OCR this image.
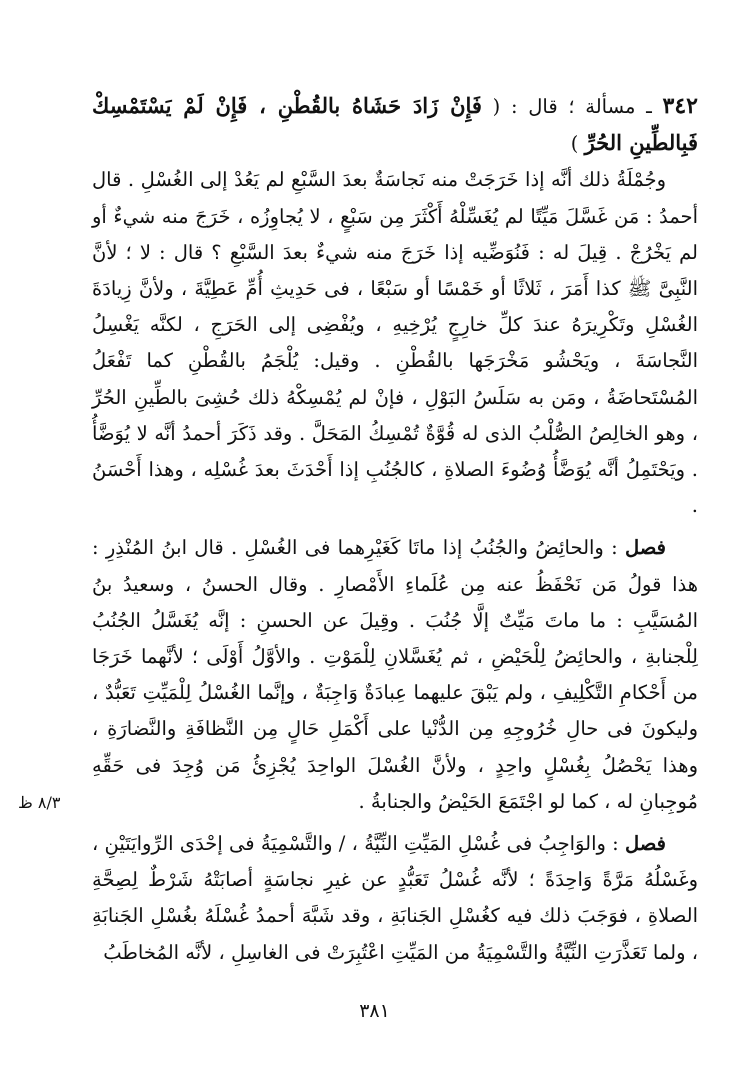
٣٤٢ ـ مسألة ؛ قال : ( فَإِنْ زَادَ حَشَاهُ بالقُطْنِ ، فَإِنْ لَمْ يَسْتَمْسِكْ فَبِالطِّينِ الحُرِّ )

وجُمْلَةُ ذلك أنَّه إذا خَرَجَتْ منه نَجاسَةٌ بعدَ السَّبْعِ لم يَعُدْ إلى الغُسْلِ . قال أحمدُ : مَن غَسَّلَ مَيِّتًا لم يُغَسِّلْهُ أَكْثَرَ مِن سَبْعٍ ، لا يُجاوِزُه ، خَرَجَ منه شيءٌ أو لم يَخْرُجْ . قِيلَ له : فَنُوَضِّيه إذا خَرَجَ منه شيءٌ بعدَ السَّبْعِ ؟ قال : لا ؛ لأنَّ النَّبِىَّ ﷺ كذا أَمَرَ ، ثَلاثًا أو خَمْسًا أو سَبْعًا ، فى حَدِيثِ أُمِّ عَطِيَّةَ ، ولأنَّ زِيادَةَ الغُسْلِ وتَكْرِيرَهُ عندَ كلِّ خارِجٍ يُرْخِيهِ ، ويُفْضِى إلى الحَرَجِ ، لكنَّه يَغْسِلُ النَّجاسَةَ ، ويَحْشُو مَخْرَجَها بالقُطْنِ . وقيل: يُلْجَمُ بالقُطْنِ كما تَفْعَلُ المُسْتَحاضَةُ ، ومَن به سَلَسُ البَوْلِ ، فإنْ لم يُمْسِكْهُ ذلك حُشِىَ بالطِّينِ الحُرِّ ، وهو الخالِصُ الصُّلْبُ الذى له قُوَّةٌ تُمْسِكُ المَحَلَّ . وقد ذَكَرَ أحمدُ أنَّه لا يُوَضَّأُ . ويَحْتَمِلُ أنَّه يُوَضَّأُ وُضُوءَ الصلاةِ ، كالجُنُبِ إذا أَحْدَثَ بعدَ غُسْلِه ، وهذا أَحْسَنُ .

فصل : والحائِضُ والجُنُبُ إذا ماتَا كَغَيْرِهما فى الغُسْلِ . قال ابنُ المُنْذِرِ : هذا قولُ مَن نَحْفَظُ عنه مِن عُلَماءِ الأَمْصارِ . وقال الحسنُ ، وسعيدُ بنُ المُسَيَّبِ : ما ماتَ مَيِّتٌ إلَّا جُنُبَ . وقِيلَ عن الحسنِ : إنَّه يُغَسَّلُ الجُنُبُ لِلْجنابةِ ، والحائِضُ لِلْحَيْضِ ، ثم يُغَسَّلانِ لِلْمَوْتِ . والأوَّلُ أَوْلَى ؛ لأنَّهما خَرَجَا من أَحْكامِ التَّكْلِيفِ ، ولم يَبْقَ عليهما عِبادَةٌ وَاجِبَةٌ ، وإنَّما الغُسْلُ لِلْمَيِّتِ تَعَبُّدٌ ، وليكونَ فى حالِ خُرُوجِهِ مِن الدُّنْيا على أَكْمَلِ حَالٍ مِن النَّظافَةِ والنَّضارَةِ ، وهذا يَحْصُلُ بِغُسْلٍ واحِدٍ ، ولأنَّ الغُسْلَ الواحِدَ يُجْزِئُ مَن وُجِدَ فى حَقِّهِ مُوجِبانِ له ، كما لو اجْتَمَعَ الحَيْضُ والجنابةُ .

فصل : والوَاجِبُ فى غُسْلِ المَيِّتِ النِّيَّةُ ، / والتَّسْمِيَةُ فى إحْدَى الرِّوايَتَيْنِ ، وغَسْلُهُ مَرَّةً وَاحِدَةً ؛ لأنَّه غُسْلُ تَعَبُّدٍ عن غيرِ نجاسَةٍ أصابَتْهُ شَرْطٌ لِصِحَّةِ الصلاةِ ، فوَجَبَ ذلك فيه كغُسْلِ الجَنابَةِ ، وقد شَبَّهَ أحمدُ غُسْلَهُ بغُسْلِ الجَنابَةِ ، ولما تَعَذَّرَتِ النِّيَّةُ والتَّسْمِيَةُ من المَيِّتِ اعْتُبِرَتْ فى الغاسِلِ ، لأنَّه المُخاطَبُ

٨/٣ ظ
٣٨١
